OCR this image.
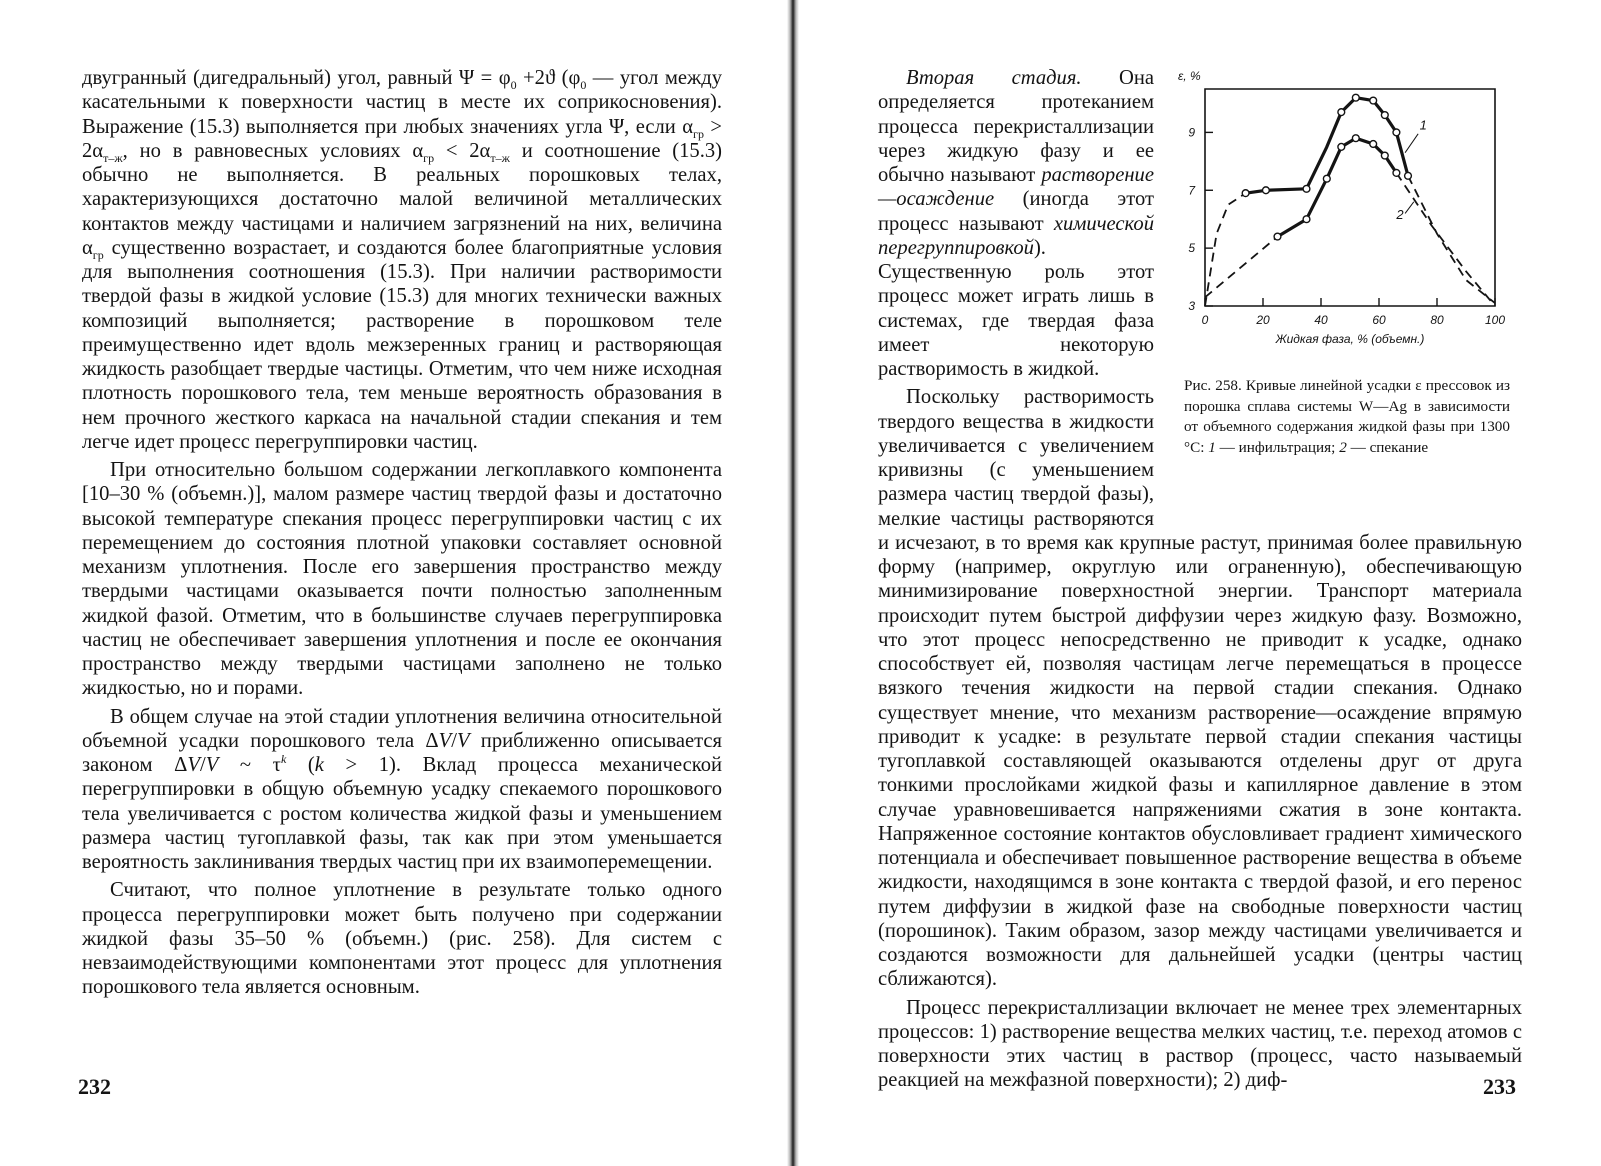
двугранный (дигедральный) угол, равный $\Psi = \varphi_0 +2ϑ$ ($\varphi_0$ — угол между касательными к поверхности частиц в месте их соприкосновения). Выражение (15.3) выполняется при любых значениях угла Ψ, если $\alpha_{гр} > 2\alpha_{т-ж}$, но в равновесных условиях $\alpha_{гр} < 2\alpha_{т-ж}$ и соотношение (15.3) обычно не выполняется. В реальных порошковых телах, характеризующихся достаточно малой величиной металлических контактов между частицами и наличием загрязнений на них, величина $\alpha_{гр}$ существенно возрастает, и создаются более благоприятные условия для выполнения соотношения (15.3). При наличии растворимости твердой фазы в жидкой условие (15.3) для многих технически важных композиций выполняется; растворение в порошковом теле преимущественно идет вдоль межзеренных границ и растворяющая жидкость разобщает твердые частицы. Отметим, что чем ниже исходная плотность порошкового тела, тем меньше вероятность образования в нем прочного жесткого каркаса на начальной стадии спекания и тем легче идет процесс перегруппировки частиц.

При относительно большом содержании легкоплавкого компонента [10–30 % (объемн.)], малом размере частиц твердой фазы и достаточно высокой температуре спекания процесс перегруппировки частиц с их перемещением до состояния плотной упаковки составляет основной механизм уплотнения. После его завершения пространство между твердыми частицами оказывается почти полностью заполненным жидкой фазой. Отметим, что в большинстве случаев перегруппировка частиц не обеспечивает завершения уплотнения и после ее окончания пространство между твердыми частицами заполнено не только жидкостью, но и порами.

В общем случае на этой стадии уплотнения величина относительной объемной усадки порошкового тела ΔV/V приближенно описывается законом ΔV/V ~ $\tau^k$ (k > 1). Вклад процесса механической перегруппировки в общую объемную усадку спекаемого порошкового тела увеличивается с ростом количества жидкой фазы и уменьшением размера частиц тугоплавкой фазы, так как при этом уменьшается вероятность заклинивания твердых частиц при их взаимоперемещении.

Считают, что полное уплотнение в результате только одного процесса перегруппировки может быть получено при содержании жидкой фазы 35–50 % (объемн.) (рис. 258). Для систем с невзаимодействующими компонентами этот процесс для уплотнения порошкового тела является основным.

232
3
5
7
9
0	20	40	60	80	100
ε, %
Жидкая фаза, % (объемн.)
1
2
Рис. 258. Кривые линейной усадки ε прессовок из порошка сплава системы W—Ag в зависимости от объемного содержания жидкой фазы при 1300 °С: 1 — инфильтрация; 2 — спекание

Вторая стадия. Она определяется протеканием процесса перекристаллизации через жидкую фазу и ее обычно называют растворение—осаждение (иногда этот процесс называют химической перегруппировкой). Существенную роль этот процесс может играть лишь в системах, где твердая фаза имеет некоторую растворимость в жидкой.

Поскольку растворимость твердого вещества в жидкости увеличивается с увеличением кривизны (с уменьшением размера частиц твердой фазы), мелкие частицы растворяются и исчезают, в то время как крупные растут, принимая более правильную форму (например, округлую или ограненную), обеспечивающую минимизирование поверхностной энергии. Транспорт материала происходит путем быстрой диффузии через жидкую фазу. Возможно, что этот процесс непосредственно не приводит к усадке, однако способствует ей, позволяя частицам легче перемещаться в процессе вязкого течения жидкости на первой стадии спекания. Однако существует мнение, что механизм растворение—осаждение впрямую приводит к усадке: в результате первой стадии спекания частицы тугоплавкой составляющей оказываются отделены друг от друга тонкими прослойками жидкой фазы и капиллярное давление в этом случае уравновешивается напряжениями сжатия в зоне контакта. Напряженное состояние контактов обусловливает градиент химического потенциала и обеспечивает повышенное растворение вещества в объеме жидкости, находящимся в зоне контакта с твердой фазой, и его перенос путем диффузии в жидкой фазе на свободные поверхности частиц (порошинок). Таким образом, зазор между частицами увеличивается и создаются возможности для дальнейшей усадки (центры частиц сближаются).

Процесс перекристаллизации включает не менее трех элементарных процессов: 1) растворение вещества мелких частиц, т.е. переход атомов с поверхности этих частиц в раствор (процесс, часто называемый реакцией на межфазной поверхности); 2) диф-	233
